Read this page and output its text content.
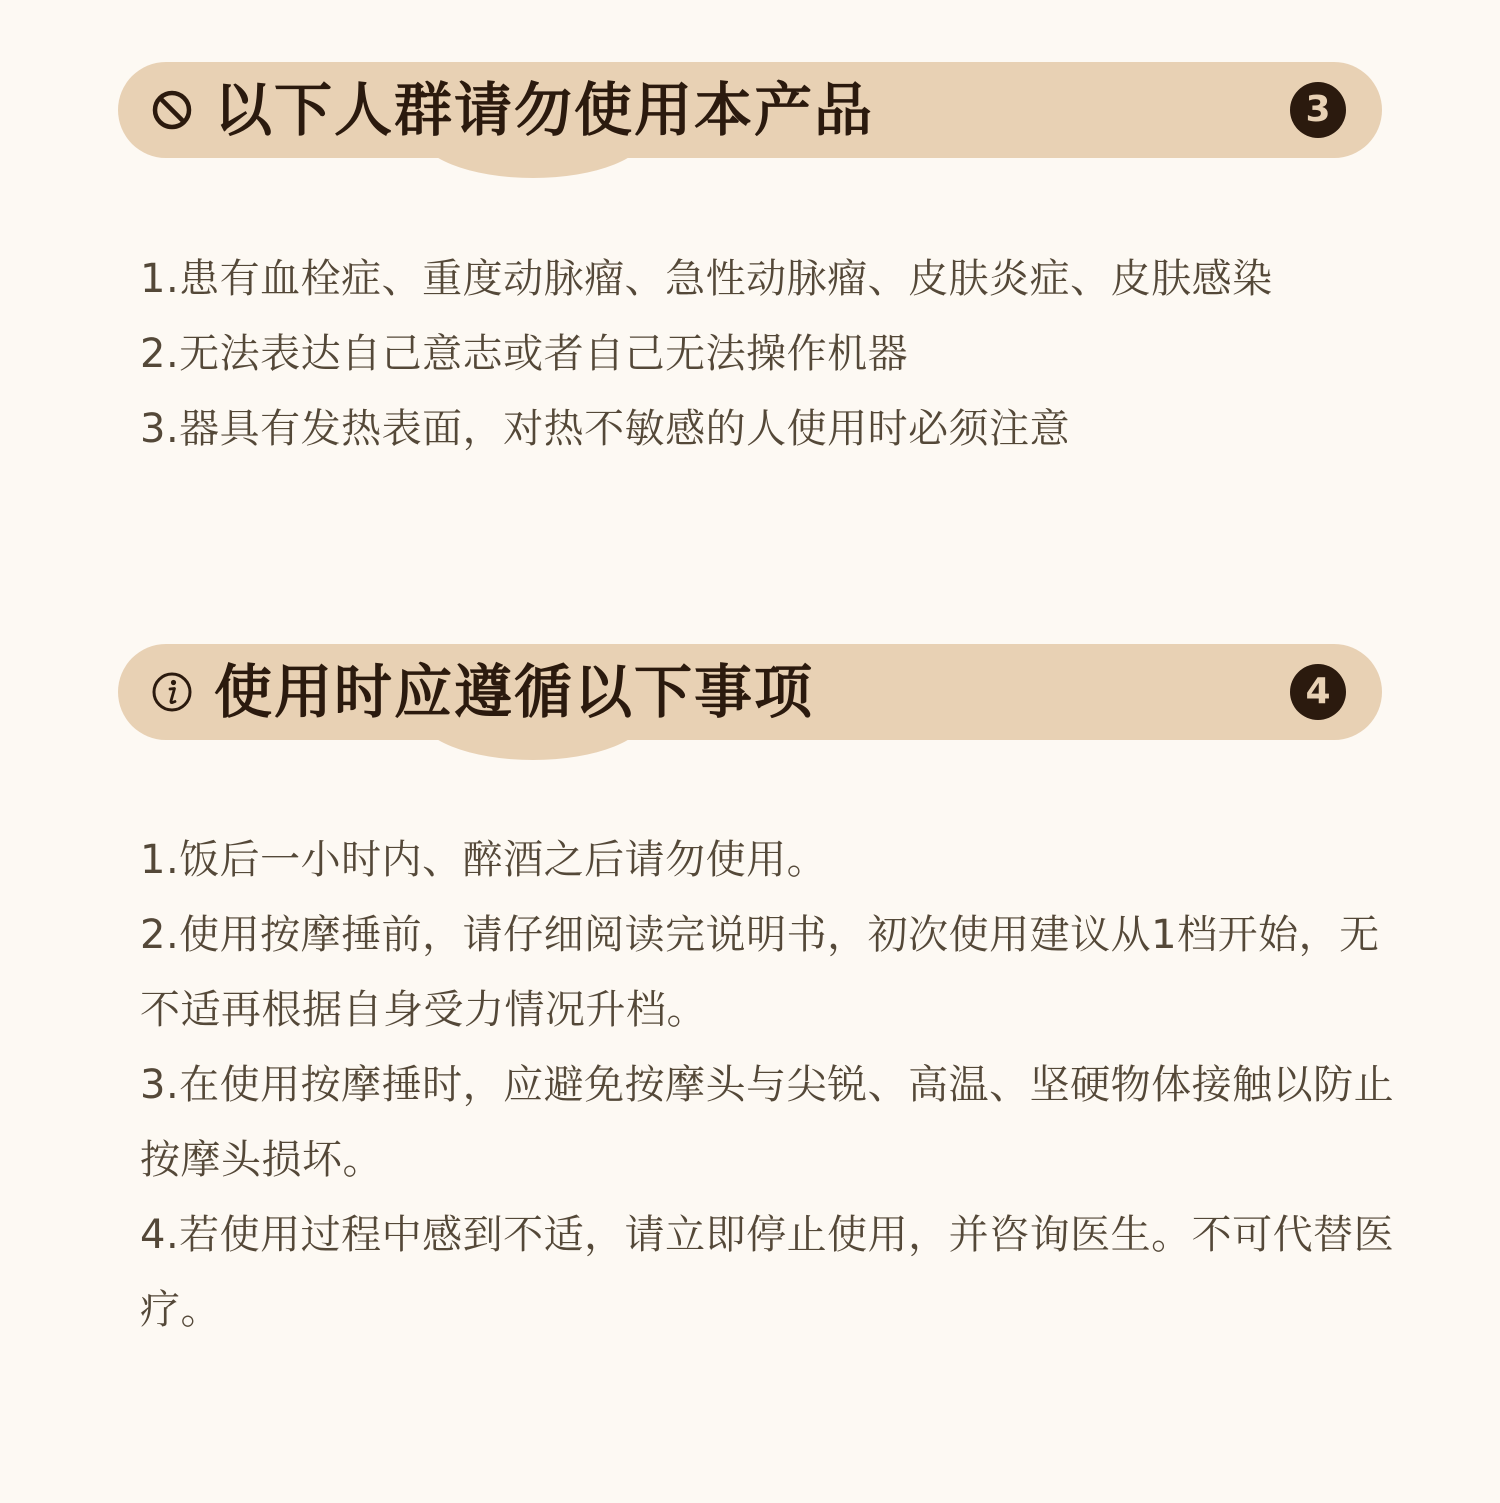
以下人群请勿使用本产品	3
1.患有血栓症、重度动脉瘤、急性动脉瘤、皮肤炎症、皮肤感染
2.无法表达自己意志或者自己无法操作机器
3.器具有发热表面，对热不敏感的人使用时必须注意
使用时应遵循以下事项	4
1.饭后一小时内、醉酒之后请勿使用。
2.使用按摩捶前，请仔细阅读完说明书，初次使用建议从1档开始，无不适再根据自身受力情况升档。
3.在使用按摩捶时，应避免按摩头与尖锐、高温、坚硬物体接触以防止按摩头损坏。
4.若使用过程中感到不适，请立即停止使用，并咨询医生。不可代替医疗。
